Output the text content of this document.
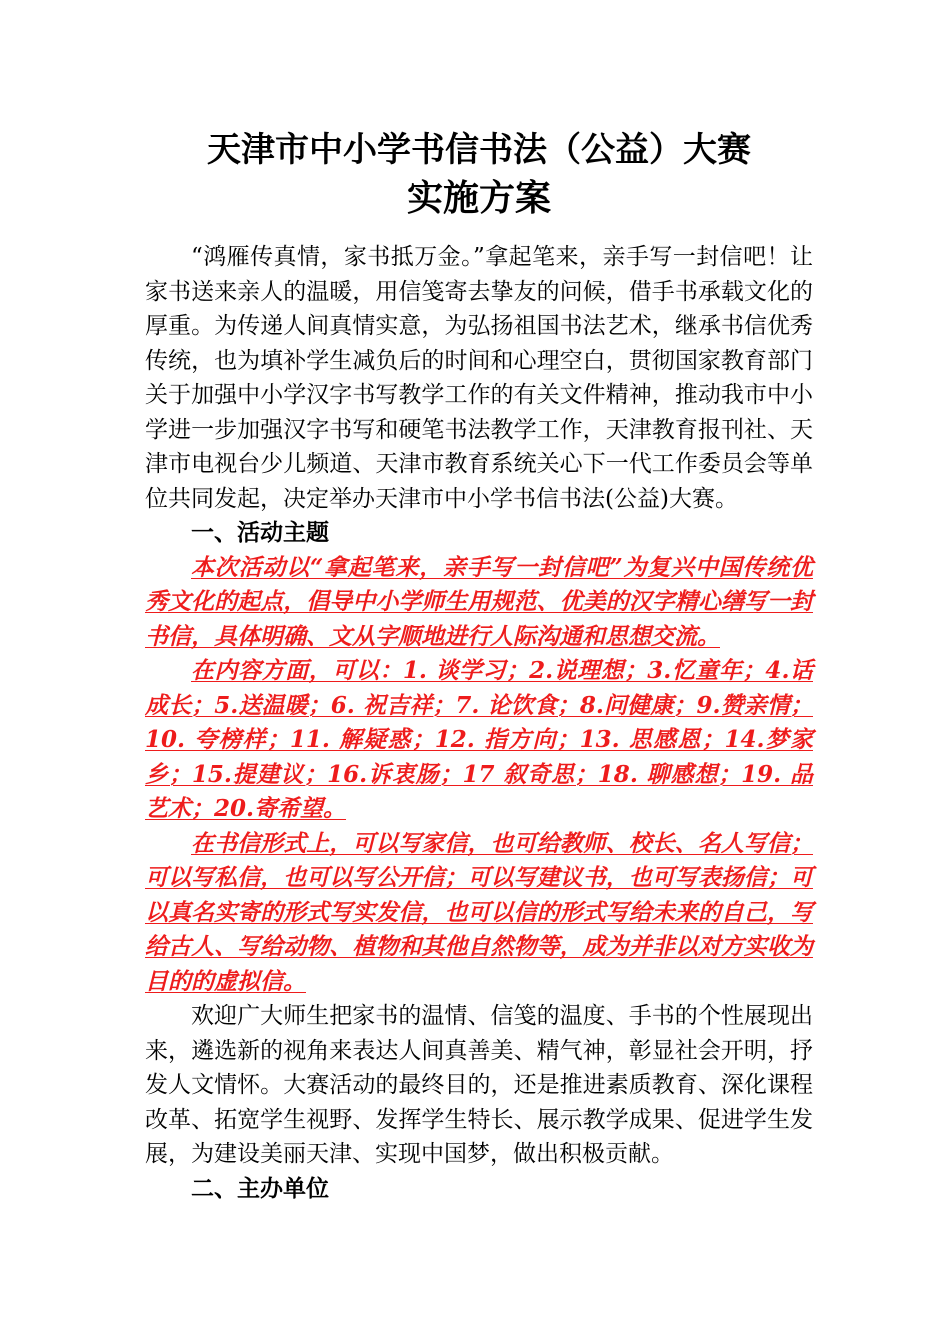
天津市中小学书信书法（公益）大赛
实施方案

“鸿雁传真情，家书抵万金。”拿起笔来，亲手写一封信吧！让家书送来亲人的温暖，用信笺寄去挚友的问候，借手书承载文化的厚重。为传递人间真情实意，为弘扬祖国书法艺术，继承书信优秀传统，也为填补学生减负后的时间和心理空白，贯彻国家教育部门关于加强中小学汉字书写教学工作的有关文件精神，推动我市中小学进一步加强汉字书写和硬笔书法教学工作，天津教育报刊社、天津市电视台少儿频道、天津市教育系统关心下一代工作委员会等单位共同发起，决定举办天津市中小学书信书法(公益)大赛。

一、活动主题

本次活动以“拿起笔来，亲手写一封信吧”为复兴中国传统优秀文化的起点，倡导中小学师生用规范、优美的汉字精心缮写一封书信，具体明确、文从字顺地进行人际沟通和思想交流。

在内容方面，可以：1. 谈学习；2.说理想；3.忆童年；4.话成长；5.送温暖；6. 祝吉祥；7. 论饮食；8.问健康；9.赞亲情；10. 夸榜样；11. 解疑惑；12. 指方向；13. 思感恩；14.梦家乡；15.提建议；16.诉衷肠；17 叙奇思；18. 聊感想；19. 品艺术；20.寄希望。

在书信形式上，可以写家信，也可给教师、校长、名人写信；可以写私信，也可以写公开信；可以写建议书，也可写表扬信；可以真名实寄的形式写实发信，也可以信的形式写给未来的自己，写给古人、写给动物、植物和其他自然物等，成为并非以对方实收为目的的虚拟信。

欢迎广大师生把家书的温情、信笺的温度、手书的个性展现出来，遴选新的视角来表达人间真善美、精气神，彰显社会开明，抒发人文情怀。大赛活动的最终目的，还是推进素质教育、深化课程改革、拓宽学生视野、发挥学生特长、展示教学成果、促进学生发展，为建设美丽天津、实现中国梦，做出积极贡献。

二、主办单位
